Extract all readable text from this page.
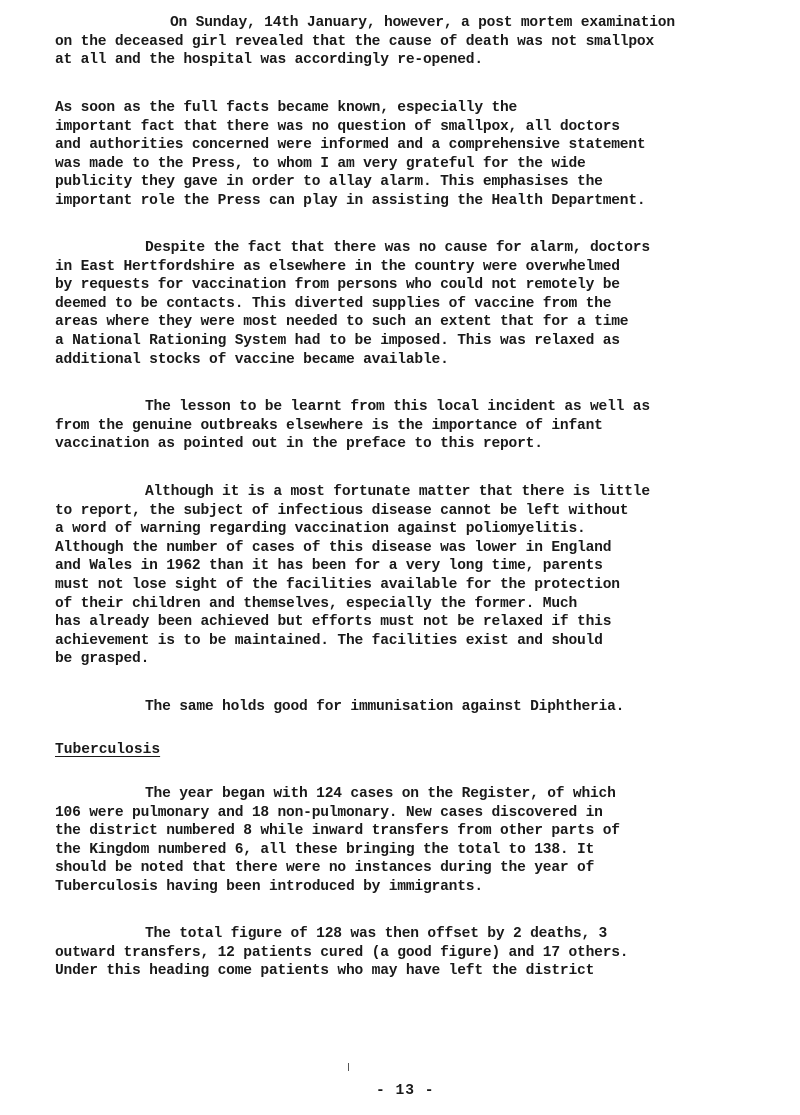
On Sunday, 14th January, however, a post mortem examination
on the deceased girl revealed that the cause of death was not smallpox
at all and the hospital was accordingly re-opened.
As soon as the full facts became known, especially the
important fact that there was no question of smallpox, all doctors
and authorities concerned were informed and a comprehensive statement
was made to the Press, to whom I am very grateful for the wide
publicity they gave in order to allay alarm. This emphasises the
important role the Press can play in assisting the Health Department.
Despite the fact that there was no cause for alarm, doctors
in East Hertfordshire as elsewhere in the country were overwhelmed
by requests for vaccination from persons who could not remotely be
deemed to be contacts. This diverted supplies of vaccine from the
areas where they were most needed to such an extent that for a time
a National Rationing System had to be imposed. This was relaxed as
additional stocks of vaccine became available.
The lesson to be learnt from this local incident as well as
from the genuine outbreaks elsewhere is the importance of infant
vaccination as pointed out in the preface to this report.
Although it is a most fortunate matter that there is little
to report, the subject of infectious disease cannot be left without
a word of warning regarding vaccination against poliomyelitis.
Although the number of cases of this disease was lower in England
and Wales in 1962 than it has been for a very long time, parents
must not lose sight of the facilities available for the protection
of their children and themselves, especially the former. Much
has already been achieved but efforts must not be relaxed if this
achievement is to be maintained. The facilities exist and should
be grasped.
The same holds good for immunisation against Diphtheria.
Tuberculosis
The year began with 124 cases on the Register, of which
106 were pulmonary and 18 non-pulmonary. New cases discovered in
the district numbered 8 while inward transfers from other parts of
the Kingdom numbered 6, all these bringing the total to 138. It
should be noted that there were no instances during the year of
Tuberculosis having been introduced by immigrants.
The total figure of 128 was then offset by 2 deaths, 3
outward transfers, 12 patients cured (a good figure) and 17 others.
Under this heading come patients who may have left the district
- 13 -
